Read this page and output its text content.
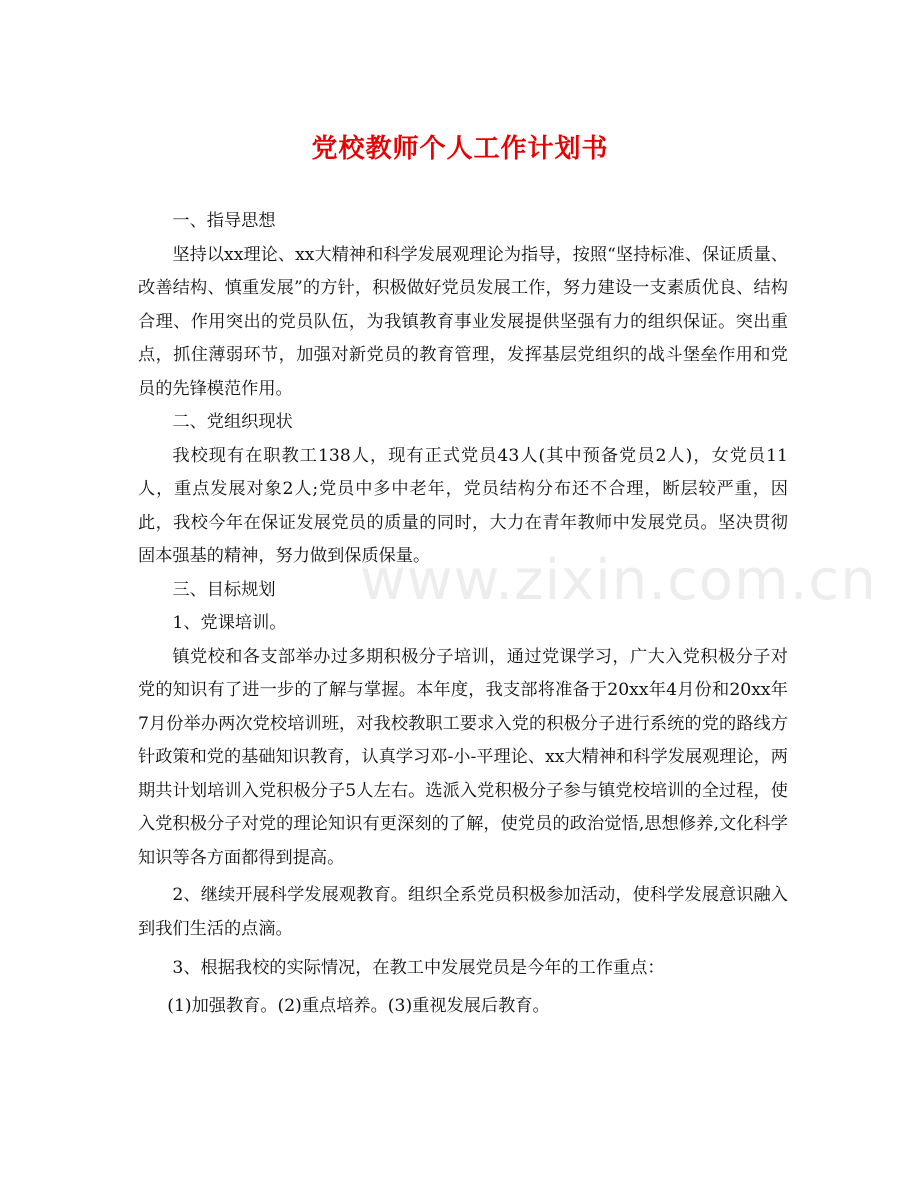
www.zixin.com.cn
党校教师个人工作计划书

一、指导思想

坚持以xx理论、xx大精神和科学发展观理论为指导，按照“坚持标准、保证质量、改善结构、慎重发展”的方针，积极做好党员发展工作，努力建设一支素质优良、结构合理、作用突出的党员队伍，为我镇教育事业发展提供坚强有力的组织保证。突出重点，抓住薄弱环节，加强对新党员的教育管理，发挥基层党组织的战斗堡垒作用和党员的先锋模范作用。

二、党组织现状

我校现有在职教工138人，现有正式党员43人(其中预备党员2人)，女党员11人，重点发展对象2人;党员中多中老年，党员结构分布还不合理，断层较严重，因此，我校今年在保证发展党员的质量的同时，大力在青年教师中发展党员。坚决贯彻固本强基的精神，努力做到保质保量。

三、目标规划

1、党课培训。

镇党校和各支部举办过多期积极分子培训，通过党课学习，广大入党积极分子对党的知识有了进一步的了解与掌握。本年度，我支部将准备于20xx年4月份和20xx年7月份举办两次党校培训班，对我校教职工要求入党的积极分子进行系统的党的路线方针政策和党的基础知识教育，认真学习邓-小-平理论、xx大精神和科学发展观理论，两期共计划培训入党积极分子5人左右。选派入党积极分子参与镇党校培训的全过程，使入党积极分子对党的理论知识有更深刻的了解，使党员的政治觉悟,思想修养,文化科学知识等各方面都得到提高。

2、继续开展科学发展观教育。组织全系党员积极参加活动，使科学发展意识融入到我们生活的点滴。

3、根据我校的实际情况，在教工中发展党员是今年的工作重点：

(1)加强教育。(2)重点培养。(3)重视发展后教育。
